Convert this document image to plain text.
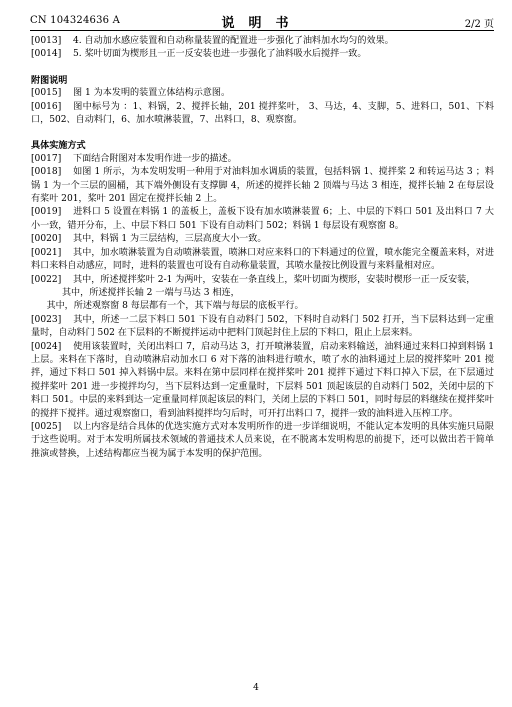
CN 104324636 A	说明书	2/2 页

[0013] 4. 自动加水感应装置和自动称量装置的配置进一步强化了油料加水均匀的效果。

[0014] 5. 桨叶切面为楔形且一正一反安装也进一步强化了油料吸水后搅拌一致。

附图说明

[0015] 图 1 为本发明的装置立体结构示意图。

[0016] 图中标号为 ：1、料锅，2、搅拌长轴，201 搅拌桨叶， 3、马达，4、支脚，5、进料口，501、下料口，502、自动料门，6、加水喷淋装置，7、出料口，8、观察窗。

具体实施方式

[0017] 下面结合附图对本发明作进一步的描述。

[0018] 如图 1 所示，为本发明发明一种用于对油料加水调质的装置，包括料锅 1、搅拌桨 2 和转运马达 3 ；料锅 1 为一个三层的圆桶，其下端外侧设有支撑脚 4，所述的搅拌长轴 2 顶端与马达 3 相连，搅拌长轴 2 在每层设有桨叶 201，桨叶 201 固定在搅拌长轴 2 上。

[0019] 进料口 5 设置在料锅 1 的盖板上，盖板下设有加水喷淋装置 6；上、中层的下料口 501 及出料口 7 大小一致，错开分布，上、中层下料口 501 下设有自动料门 502；料锅 1 每层设有观察窗 8。

[0020] 其中，料锅 1 为三层结构，三层高度大小一致。

[0021] 其中，加水喷淋装置为自动喷淋装置，喷淋口对应来料口的下料通过的位置，喷水能完全覆盖来料，对进料口来料自动感应，同时，进料的装置也可设有自动称量装置，其喷水量按比例设置与来料量相对应。

[0022] 其中，所述搅拌桨叶 2-1 为两叶，安装在一条直线上，桨叶切面为楔形，安装时楔形一正一反安装，

其中，所述搅拌长轴 2 一端与马达 3 相连，

其中，所述观察窗 8 每层都有一个，其下端与每层的底板平行。

[0023] 其中，所述一二层下料口 501 下设有自动料门 502，下料时自动料门 502 打开，当下层料达到一定重量时，自动料门 502 在下层料的不断搅拌运动中把料门顶起封住上层的下料口，阻止上层来料。

[0024] 使用该装置时，关闭出料口 7，启动马达 3，打开喷淋装置，启动来料输送，油料通过来料口掉到料锅 1 上层。来料在下落时，自动喷淋启动加水口 6 对下落的油料进行喷水，喷了水的油料通过上层的搅拌桨叶 201 搅拌，通过下料口 501 掉入料锅中层。来料在第中层同样在搅拌桨叶 201 搅拌下通过下料口掉入下层，在下层通过搅拌桨叶 201 进一步搅拌均匀，当下层料达到一定重量时，下层料 501 顶起该层的自动料门 502，关闭中层的下料口 501。中层的来料到达一定重量同样顶起该层的料门，关闭上层的下料口 501，同时每层的料继续在搅拌桨叶的搅拌下搅拌。通过观察窗口，看到油料搅拌均匀后时，可开打出料口 7，搅拌一致的油料进入压榨工序。

[0025] 以上内容是结合具体的优选实施方式对本发明所作的进一步详细说明，不能认定本发明的具体实施只局限于这些说明。对于本发明所属技术领域的普通技术人员来说，在不脱离本发明构思的前提下，还可以做出若干简单推演或替换，上述结构都应当视为属于本发明的保护范围。

4
